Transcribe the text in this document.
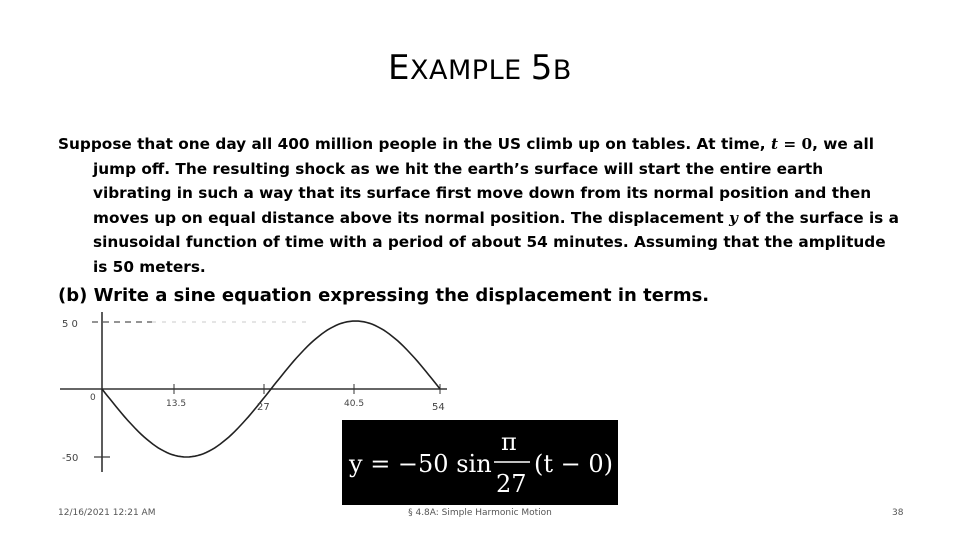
EXAMPLE 5B

Suppose that one day all 400 million people in the US climb up on tables. At time, t = 0, we all jump off. The resulting shock as we hit the earth’s surface will start the entire earth vibrating in such a way that its surface first move down from its normal position and then moves up on equal distance above its normal position. The displacement y of the surface is a sinusoidal function of time with a period of about 54 minutes. Assuming that the amplitude is 50 meters.

(b) Write a sine equation expressing the displacement in terms.

5 0
-50
0
13.5	27	40.5	54
y = −50 sin
π
27
(t − 0)
12/16/2021 12:21 AM	§ 4.8A: Simple Harmonic Motion	38
